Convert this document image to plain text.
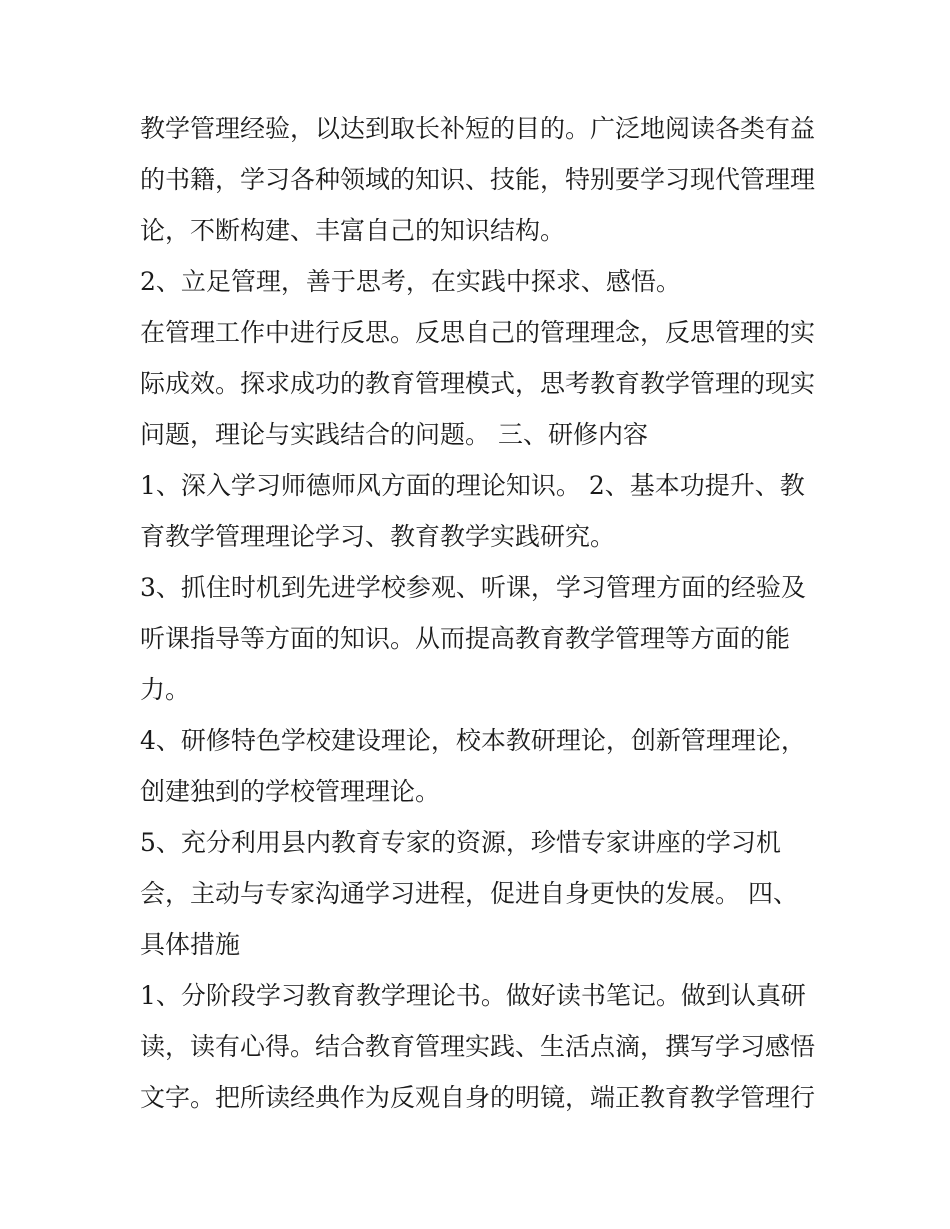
教学管理经验，以达到取长补短的目的。广泛地阅读各类有益
的书籍，学习各种领域的知识、技能，特别要学习现代管理理
论，不断构建、丰富自己的知识结构。
2、立足管理，善于思考，在实践中探求、感悟。
在管理工作中进行反思。反思自己的管理理念，反思管理的实
际成效。探求成功的教育管理模式，思考教育教学管理的现实
问题，理论与实践结合的问题。 三、研修内容
1、深入学习师德师风方面的理论知识。 2、基本功提升、教
育教学管理理论学习、教育教学实践研究。
3、抓住时机到先进学校参观、听课，学习管理方面的经验及
听课指导等方面的知识。从而提高教育教学管理等方面的能
力。
4、研修特色学校建设理论，校本教研理论，创新管理理论，
创建独到的学校管理理论。
5、充分利用县内教育专家的资源，珍惜专家讲座的学习机
会，主动与专家沟通学习进程，促进自身更快的发展。 四、
具体措施
1、分阶段学习教育教学理论书。做好读书笔记。做到认真研
读，读有心得。结合教育管理实践、生活点滴，撰写学习感悟
文字。把所读经典作为反观自身的明镜，端正教育教学管理行
